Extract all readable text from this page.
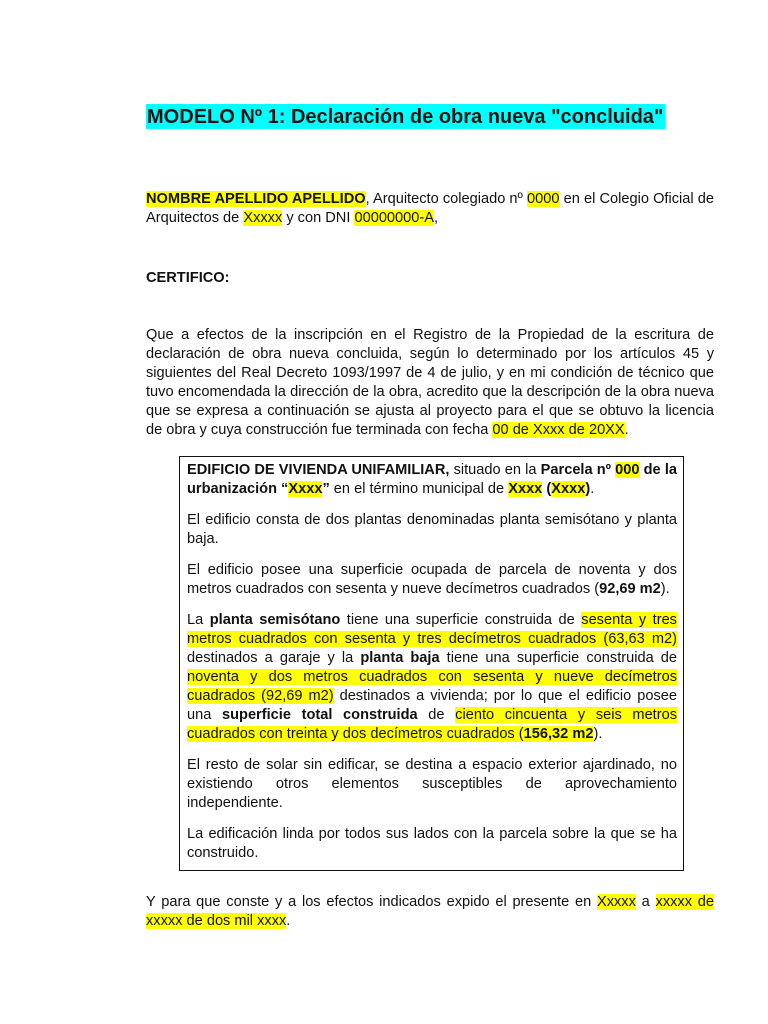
MODELO Nº 1: Declaración de obra nueva "concluida"
NOMBRE APELLIDO APELLIDO, Arquitecto colegiado nº 0000 en el Colegio Oficial de Arquitectos de Xxxxx y con DNI 00000000-A,
CERTIFICO:
Que a efectos de la inscripción en el Registro de la Propiedad de la escritura de declaración de obra nueva concluida, según lo determinado por los artículos 45 y siguientes del Real Decreto 1093/1997 de 4 de julio, y en mi condición de técnico que tuvo encomendada la dirección de la obra, acredito que la descripción de la obra nueva que se expresa a continuación se ajusta al proyecto para el que se obtuvo la licencia de obra y cuya construcción fue terminada con fecha 00 de Xxxx de 20XX.

EDIFICIO DE VIVIENDA UNIFAMILIAR, situado en la Parcela nº 000 de la urbanización “Xxxx” en el término municipal de Xxxx (Xxxx).

El edificio consta de dos plantas denominadas planta semisótano y planta baja.

El edificio posee una superficie ocupada de parcela de noventa y dos metros cuadrados con sesenta y nueve decímetros cuadrados (92,69 m2).

La planta semisótano tiene una superficie construida de sesenta y tres metros cuadrados con sesenta y tres decímetros cuadrados (63,63 m2) destinados a garaje y la planta baja tiene una superficie construida de noventa y dos metros cuadrados con sesenta y nueve decímetros cuadrados (92,69 m2) destinados a vivienda; por lo que el edificio posee una superficie total construida de ciento cincuenta y seis metros cuadrados con treinta y dos decímetros cuadrados (156,32 m2).

El resto de solar sin edificar, se destina a espacio exterior ajardinado, no existiendo otros elementos susceptibles de aprovechamiento independiente.

La edificación linda por todos sus lados con la parcela sobre la que se ha construido.

Y para que conste y a los efectos indicados expido el presente en Xxxxx a xxxxx de xxxxx de dos mil xxxx.
